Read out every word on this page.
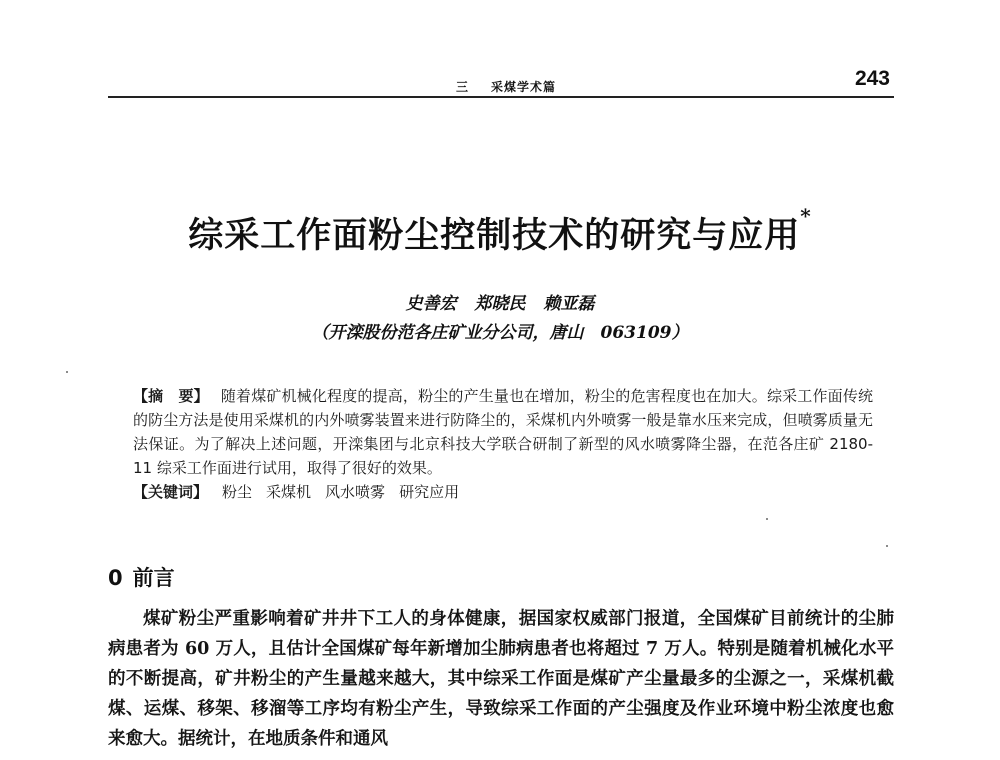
三 采煤学术篇	243
综采工作面粉尘控制技术的研究与应用*
史善宏 郑晓民 赖亚磊
（开滦股份范各庄矿业分公司，唐山　063109）

【摘　要】 随着煤矿机械化程度的提高，粉尘的产生量也在增加，粉尘的危害程度也在加大。综采工作面传统的防尘方法是使用采煤机的内外喷雾装置来进行防降尘的，采煤机内外喷雾一般是靠水压来完成，但喷雾质量无法保证。为了解决上述问题，开滦集团与北京科技大学联合研制了新型的风水喷雾降尘器，在范各庄矿 2180-11 综采工作面进行试用，取得了很好的效果。

【关键词】 粉尘 采煤机 风水喷雾 研究应用

0 前言

煤矿粉尘严重影响着矿井井下工人的身体健康，据国家权威部门报道，全国煤矿目前统计的尘肺病患者为 60 万人，且估计全国煤矿每年新增加尘肺病患者也将超过 7 万人。特别是随着机械化水平的不断提高，矿井粉尘的产生量越来越大，其中综采工作面是煤矿产尘量最多的尘源之一，采煤机截煤、运煤、移架、移溜等工序均有粉尘产生，导致综采工作面的产尘强度及作业环境中粉尘浓度也愈来愈大。据统计，在地质条件和通风
